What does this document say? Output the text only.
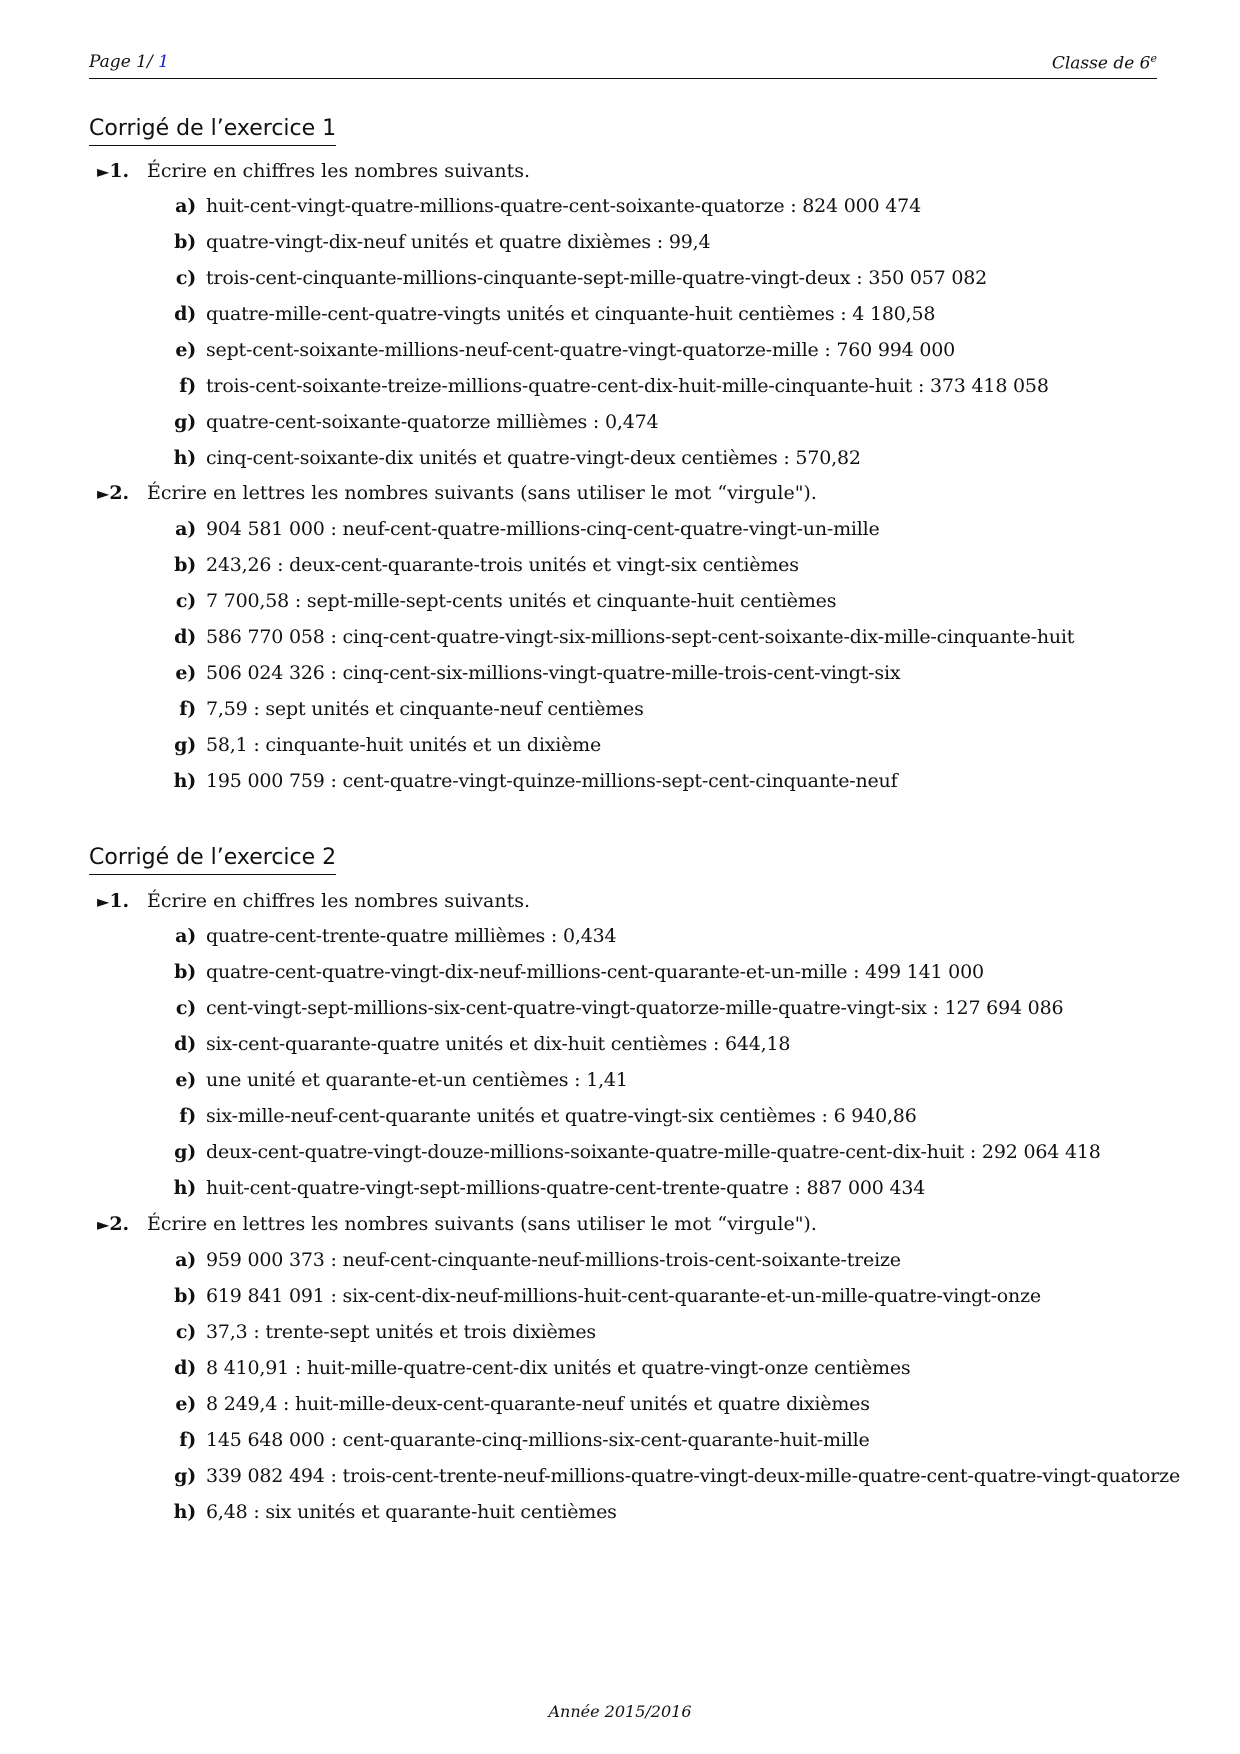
Page 1/ 1	Classe de 6e
Corrigé de l’exercice 1
►1. Écrire en chiffres les nombres suivants.
a) huit-cent-vingt-quatre-millions-quatre-cent-soixante-quatorze : 824 000 474
b) quatre-vingt-dix-neuf unités et quatre dixièmes : 99,4
c) trois-cent-cinquante-millions-cinquante-sept-mille-quatre-vingt-deux : 350 057 082
d) quatre-mille-cent-quatre-vingts unités et cinquante-huit centièmes : 4 180,58
e) sept-cent-soixante-millions-neuf-cent-quatre-vingt-quatorze-mille : 760 994 000
f) trois-cent-soixante-treize-millions-quatre-cent-dix-huit-mille-cinquante-huit : 373 418 058
g) quatre-cent-soixante-quatorze millièmes : 0,474
h) cinq-cent-soixante-dix unités et quatre-vingt-deux centièmes : 570,82
►2. Écrire en lettres les nombres suivants (sans utiliser le mot “virgule").
a) 904 581 000 : neuf-cent-quatre-millions-cinq-cent-quatre-vingt-un-mille
b) 243,26 : deux-cent-quarante-trois unités et vingt-six centièmes
c) 7 700,58 : sept-mille-sept-cents unités et cinquante-huit centièmes
d) 586 770 058 : cinq-cent-quatre-vingt-six-millions-sept-cent-soixante-dix-mille-cinquante-huit
e) 506 024 326 : cinq-cent-six-millions-vingt-quatre-mille-trois-cent-vingt-six
f) 7,59 : sept unités et cinquante-neuf centièmes
g) 58,1 : cinquante-huit unités et un dixième
h) 195 000 759 : cent-quatre-vingt-quinze-millions-sept-cent-cinquante-neuf
Corrigé de l’exercice 2
►1. Écrire en chiffres les nombres suivants.
a) quatre-cent-trente-quatre millièmes : 0,434
b) quatre-cent-quatre-vingt-dix-neuf-millions-cent-quarante-et-un-mille : 499 141 000
c) cent-vingt-sept-millions-six-cent-quatre-vingt-quatorze-mille-quatre-vingt-six : 127 694 086
d) six-cent-quarante-quatre unités et dix-huit centièmes : 644,18
e) une unité et quarante-et-un centièmes : 1,41
f) six-mille-neuf-cent-quarante unités et quatre-vingt-six centièmes : 6 940,86
g) deux-cent-quatre-vingt-douze-millions-soixante-quatre-mille-quatre-cent-dix-huit : 292 064 418
h) huit-cent-quatre-vingt-sept-millions-quatre-cent-trente-quatre : 887 000 434
►2. Écrire en lettres les nombres suivants (sans utiliser le mot “virgule").
a) 959 000 373 : neuf-cent-cinquante-neuf-millions-trois-cent-soixante-treize
b) 619 841 091 : six-cent-dix-neuf-millions-huit-cent-quarante-et-un-mille-quatre-vingt-onze
c) 37,3 : trente-sept unités et trois dixièmes
d) 8 410,91 : huit-mille-quatre-cent-dix unités et quatre-vingt-onze centièmes
e) 8 249,4 : huit-mille-deux-cent-quarante-neuf unités et quatre dixièmes
f) 145 648 000 : cent-quarante-cinq-millions-six-cent-quarante-huit-mille
g) 339 082 494 : trois-cent-trente-neuf-millions-quatre-vingt-deux-mille-quatre-cent-quatre-vingt-quatorze
h) 6,48 : six unités et quarante-huit centièmes
Année 2015/2016
